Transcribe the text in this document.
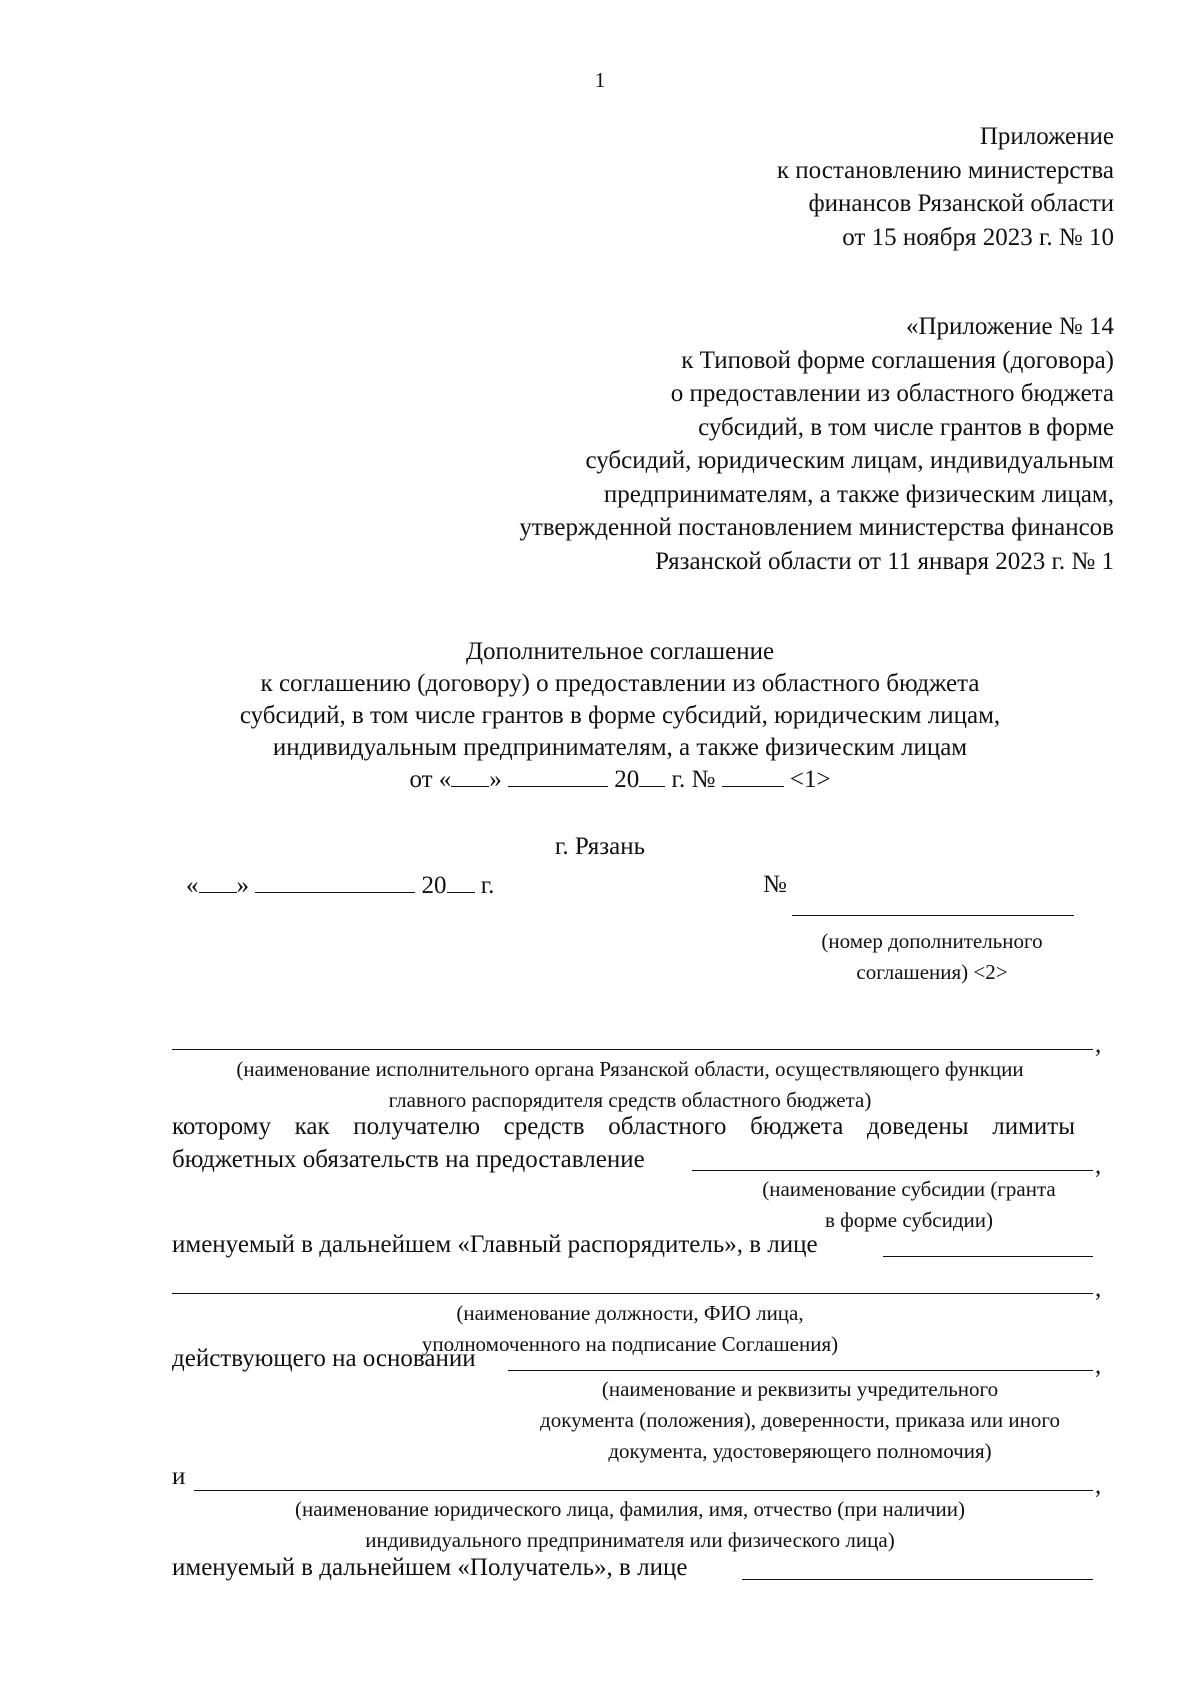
1
Приложение
к постановлению министерства
финансов Рязанской области
от 15 ноября 2023 г. № 10
«Приложение № 14
к Типовой форме соглашения (договора)
о предоставлении из областного бюджета
субсидий, в том числе грантов в форме
субсидий, юридическим лицам, индивидуальным
предпринимателям, а также физическим лицам,
утвержденной постановлением министерства финансов
Рязанской области от 11 января 2023 г. № 1
Дополнительное соглашение
к соглашению (договору) о предоставлении из областного бюджета
субсидий, в том числе грантов в форме субсидий, юридическим лицам,
индивидуальным предпринимателям, а также физическим лицам
от « »	20 г. №	<1>
г. Рязань
« »	20 г.	№
(номер дополнительного
соглашения) <2>
,
(наименование исполнительного органа Рязанской области, осуществляющего функции
главного распорядителя средств областного бюджета)
которому как получателю средств областного бюджета доведены лимиты
бюджетных обязательств на предоставление	,
(наименование субсидии (гранта
в форме субсидии)
именуемый в дальнейшем «Главный распорядитель», в лице
,
(наименование должности, ФИО лица,
уполномоченного на подписание Соглашения)
действующего на основании	,
(наименование и реквизиты учредительного
документа (положения), доверенности, приказа или иного
документа, удостоверяющего полномочия)
и	,
(наименование юридического лица, фамилия, имя, отчество (при наличии)
индивидуального предпринимателя или физического лица)
именуемый в дальнейшем «Получатель», в лице
